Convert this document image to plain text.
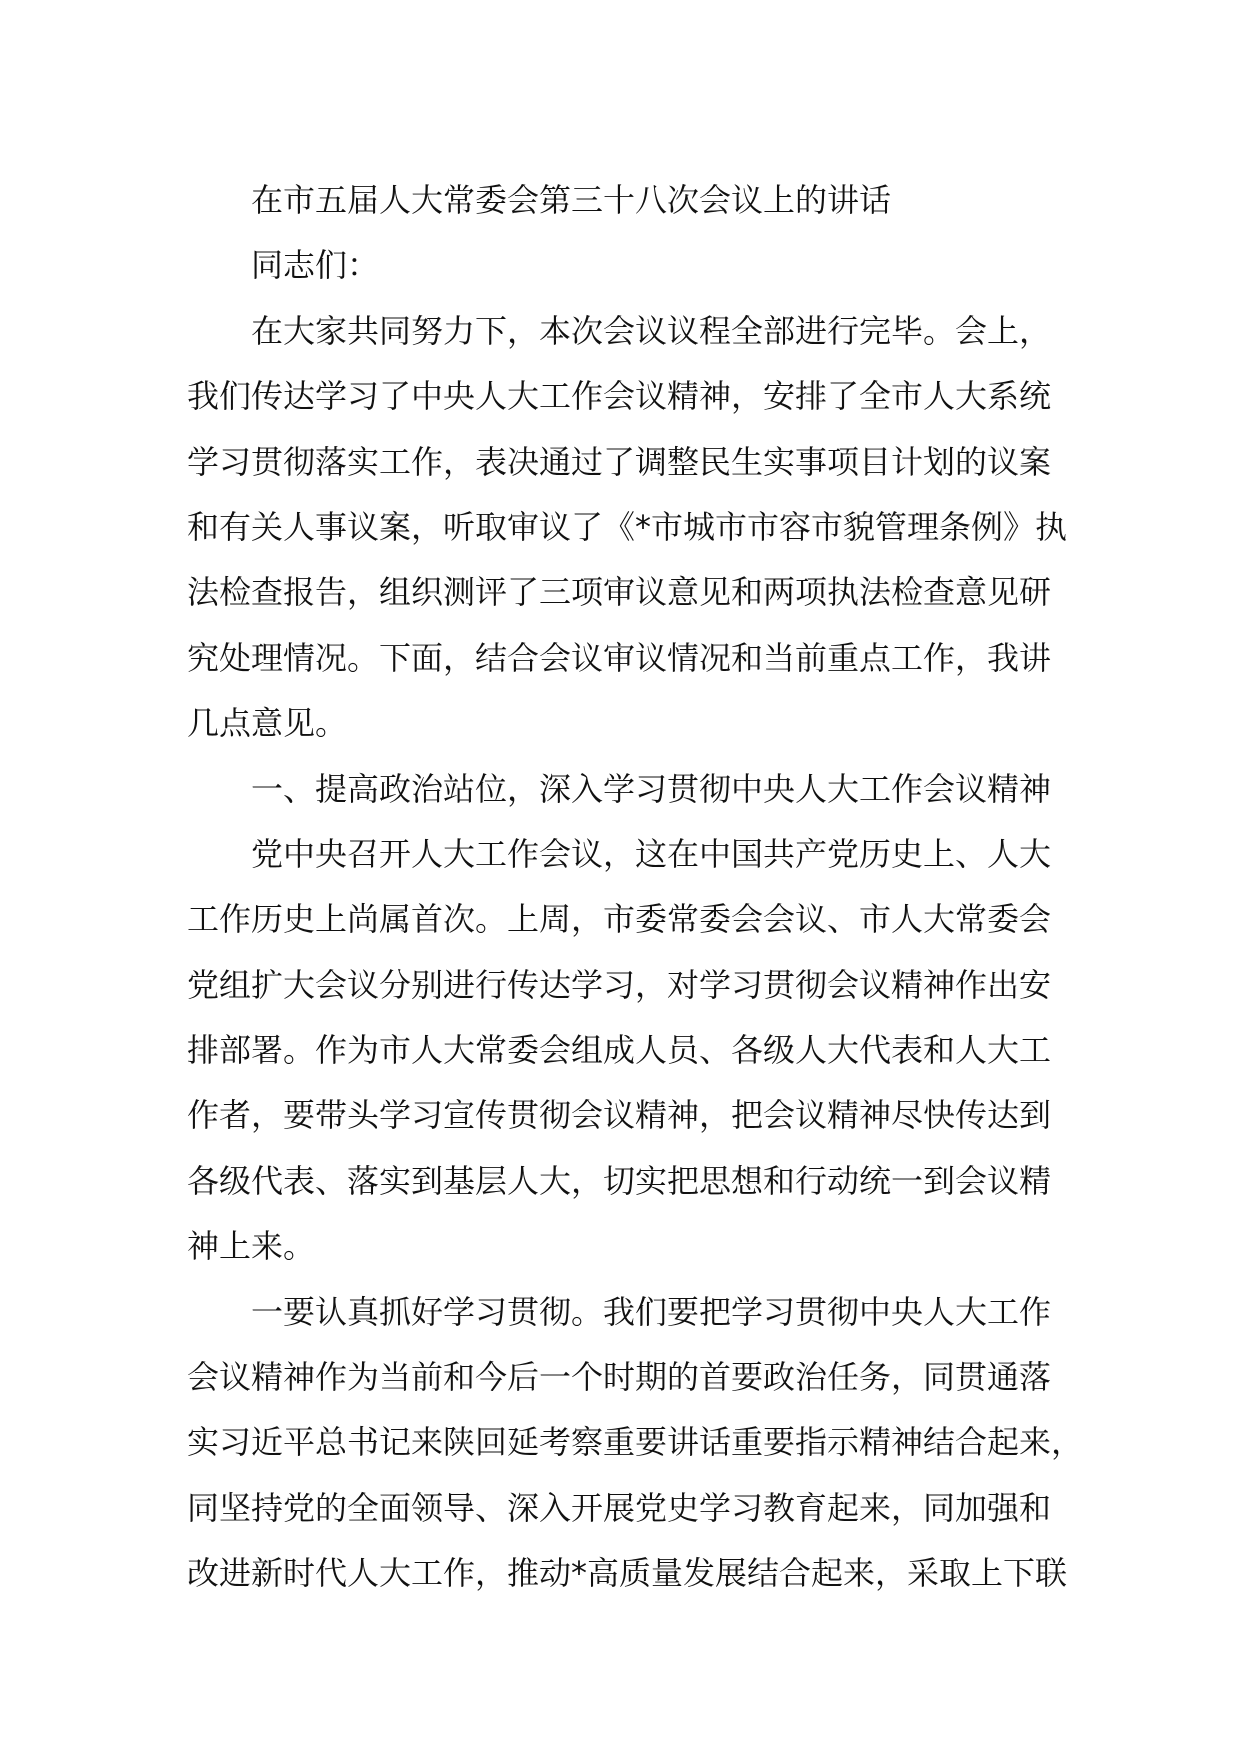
在市五届人大常委会第三十八次会议上的讲话
同志们：
在大家共同努力下，本次会议议程全部进行完毕。会上，
我们传达学习了中央人大工作会议精神，安排了全市人大系统
学习贯彻落实工作，表决通过了调整民生实事项目计划的议案
和有关人事议案，听取审议了《*市城市市容市貌管理条例》执
法检查报告，组织测评了三项审议意见和两项执法检查意见研
究处理情况。下面，结合会议审议情况和当前重点工作，我讲
几点意见。
一、提高政治站位，深入学习贯彻中央人大工作会议精神
党中央召开人大工作会议，这在中国共产党历史上、人大
工作历史上尚属首次。上周，市委常委会会议、市人大常委会
党组扩大会议分别进行传达学习，对学习贯彻会议精神作出安
排部署。作为市人大常委会组成人员、各级人大代表和人大工
作者，要带头学习宣传贯彻会议精神，把会议精神尽快传达到
各级代表、落实到基层人大，切实把思想和行动统一到会议精
神上来。
一要认真抓好学习贯彻。我们要把学习贯彻中央人大工作
会议精神作为当前和今后一个时期的首要政治任务，同贯通落
实习近平总书记来陕回延考察重要讲话重要指示精神结合起来，
同坚持党的全面领导、深入开展党史学习教育起来，同加强和
改进新时代人大工作，推动*高质量发展结合起来，采取上下联
